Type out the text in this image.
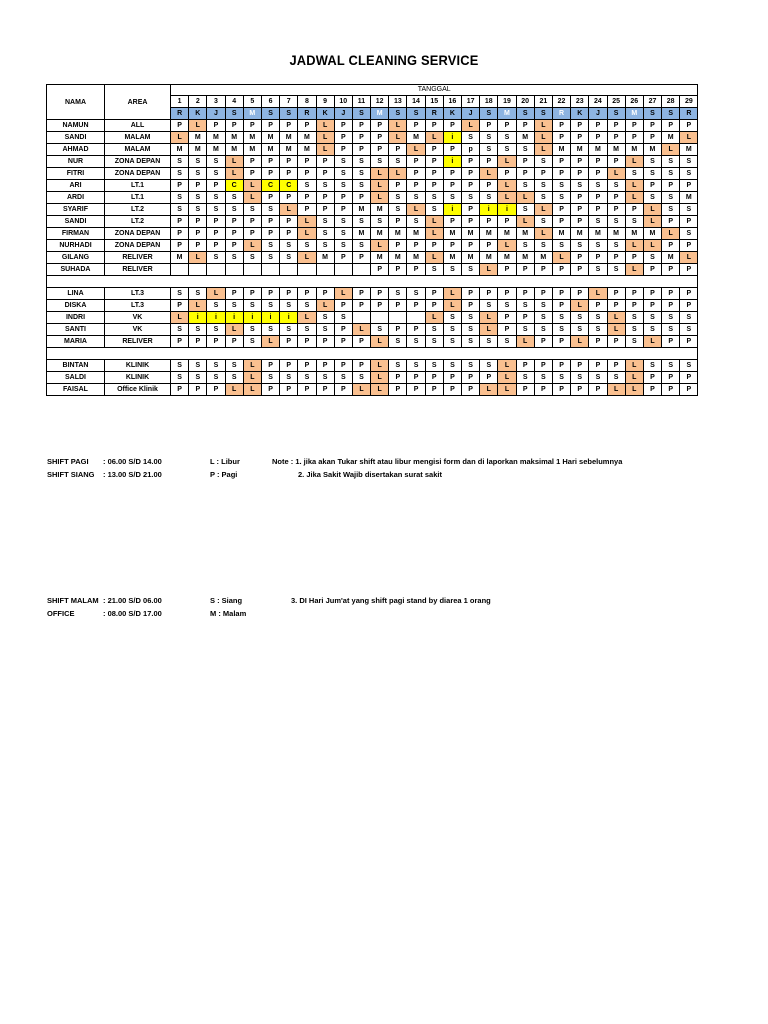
JADWAL CLEANING SERVICE
NAMA	AREA	TANGGAL																												
		1	2	3	4	5	6	7	8	9	10	11	12	13	14	15	16	17	18	19	20	21	22	23	24	25	26	27	28	29
		R	K	J	S	M	S	S	R	K	J	S	M	S	S	R	K	J	S	M	S	S	R	K	J	S	M	S	S	R
NAMUN	ALL	P	L	P	P	P	P	P	P	L	P	P	P	L	P	P	P	L	P	P	P	L	P	P	P	P	P	P	P	P
SANDI	MALAM	L	M	M	M	M	M	M	M	L	P	P	P	L	M	L	i	S	S	S	M	L	P	P	P	P	P	P	M	L
AHMAD	MALAM	M	M	M	M	M	M	M	M	L	P	P	P	P	L	P	P	p	S	S	S	L	M	M	M	M	M	M	L	M
NUR	ZONA DEPAN	S	S	S	L	P	P	P	P	P	S	S	S	S	P	P	i	P	P	L	P	S	P	P	P	P	L	S	S	S
FITRI	ZONA DEPAN	S	S	S	L	P	P	P	P	P	S	S	L	L	P	P	P	P	L	P	P	P	P	P	P	L	S	S	S	S
ARI	LT.1	P	P	P	C	L	C	C	S	S	S	S	L	P	P	P	P	P	P	L	S	S	S	S	S	S	L	P	P	P
ARDI	LT.1	S	S	S	S	L	P	P	P	P	P	P	L	S	S	S	S	S	S	L	L	S	S	P	P	P	L	S	S	M
SYARIF	LT.2	S	S	S	S	S	S	L	P	P	P	M	M	S	L	S	i	P	i	i	S	L	P	P	P	P	P	L	S	S
SANDI	LT.2	P	P	P	P	P	P	P	L	S	S	S	S	P	S	L	P	P	P	P	L	S	P	P	S	S	S	L	P	P
FIRMAN	ZONA DEPAN	P	P	P	P	P	P	P	L	S	S	M	M	M	M	L	M	M	M	M	M	L	M	M	M	M	M	M	L	S
NURHADI	ZONA DEPAN	P	P	P	P	L	S	S	S	S	S	S	L	P	P	P	P	P	P	L	S	S	S	S	S	S	L	L	P	P
GILANG	RELIVER	M	L	S	S	S	S	S	L	M	P	P	M	M	M	L	M	M	M	M	M	M	L	P	P	P	P	S	M	L
SUHADA	RELIVER												P	P	P	S	S	S	L	P	P	P	P	P	S	S	L	P	P	P

LINA	LT.3	S	S	L	P	P	P	P	P	P	L	P	P	S	S	P	L	P	P	P	P	P	P	P	L	P	P	P	P	P
DISKA	LT.3	P	L	S	S	S	S	S	S	L	P	P	P	P	P	P	L	P	S	S	S	S	P	L	P	P	P	P	P	P
INDRI	VK	L	i	i	i	i	i	i	L	S	S					L	S	S	L	P	P	S	S	S	S	L	S	S	S	S
SANTI	VK	S	S	S	L	S	S	S	S	S	P	L	S	P	P	S	S	S	L	P	S	S	S	S	S	L	S	S	S	S
MARIA	RELIVER	P	P	P	P	S	L	P	P	P	P	P	L	S	S	S	S	S	S	S	L	P	P	L	P	P	S	L	P	P

BINTAN	KLINIK	S	S	S	S	L	P	P	P	P	P	P	L	S	S	S	S	S	S	L	P	P	P	P	P	P	L	S	S	S
SALDI	KLINIK	S	S	S	S	L	S	S	S	S	S	S	L	P	P	P	P	P	P	L	S	S	S	S	S	S	L	P	P	P
FAISAL	Office Klinik	P	P	P	L	L	P	P	P	P	P	L	L	P	P	P	P	P	L	L	P	P	P	P	P	L	L	P	P	P
SHIFT PAGI : 06.00 S/D 14.00
SHIFT SIANG : 13.00 S/D 21.00
SHIFT MALAM : 21.00 S/D 06.00
OFFICE	: 08.00 S/D 17.00
L : Libur
P : Pagi
S : Siang
M : Malam
Note : 1. jika akan Tukar shift atau libur mengisi form dan di laporkan maksimal 1 Hari sebelumnya
2. Jika Sakit Wajib disertakan surat sakit
3. DI Hari Jum'at yang shift pagi stand by diarea 1 orang
